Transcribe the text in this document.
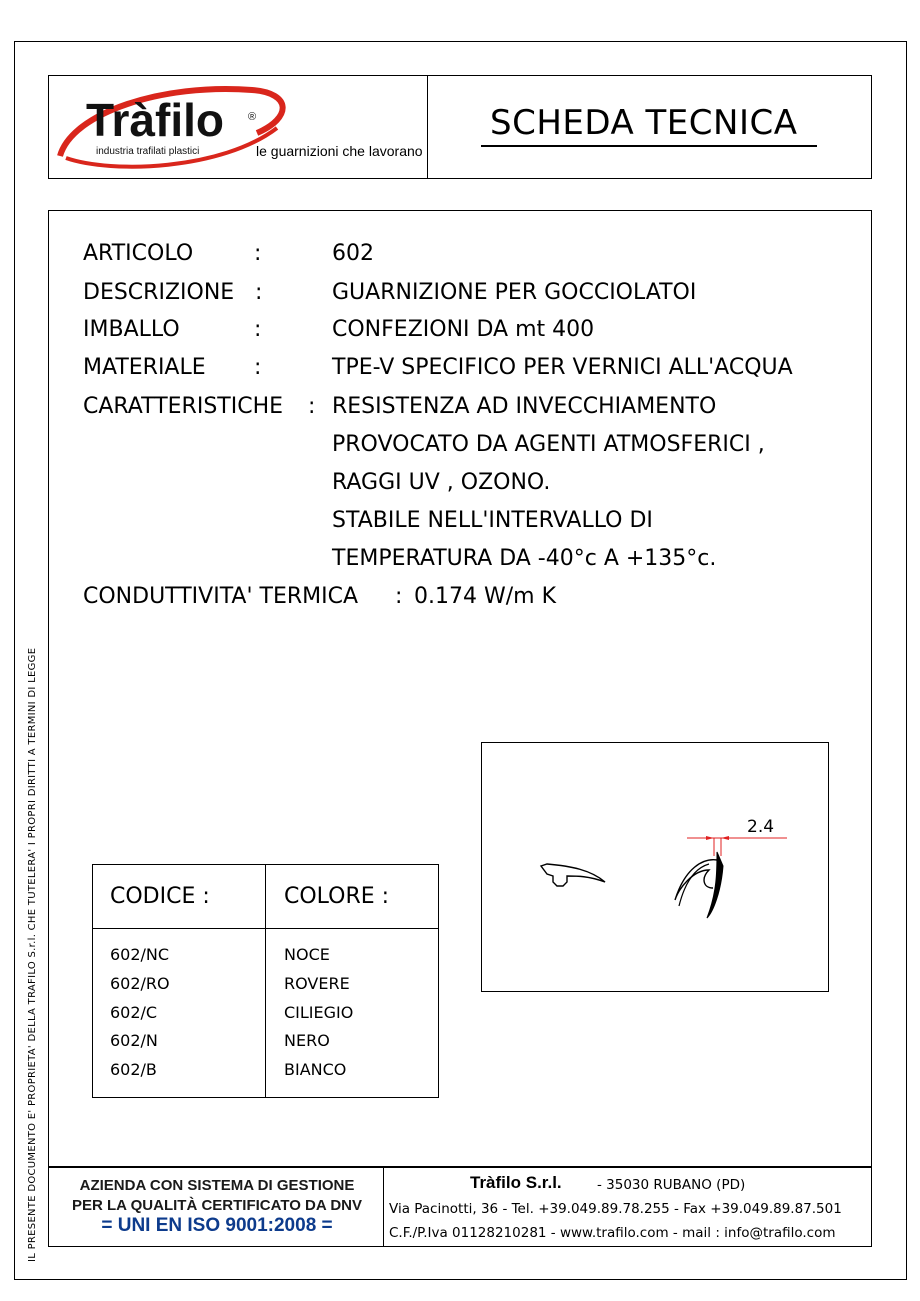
Tràfilo ®
industria trafilati plastici	le guarnizioni che lavorano
SCHEDA TECNICA
ARTICOLO	:	602
DESCRIZIONE :	GUARNIZIONE PER GOCCIOLATOI
IMBALLO	:	CONFEZIONI DA mt 400
MATERIALE :	TPE-V SPECIFICO PER VERNICI ALL'ACQUA
CARATTERISTICHE : RESISTENZA AD INVECCHIAMENTO
PROVOCATO DA AGENTI ATMOSFERICI ,
RAGGI UV , OZONO.
STABILE NELL'INTERVALLO DI
TEMPERATURA DA -40°c A +135°c.
CONDUTTIVITA' TERMICA : 0.174 W/m K
CODICE :	COLORE :
602/NC	NOCE
602/RO	ROVERE
602/C	CILIEGIO
602/N	NERO
602/B	BIANCO
2.4
AZIENDA CON SISTEMA DI GESTIONE
PER LA QUALITÀ CERTIFICATO DA DNV
= UNI EN ISO 9001:2008 =
Tràfilo S.r.l.	- 35030 RUBANO (PD)
Via Pacinotti, 36 - Tel. +39.049.89.78.255 - Fax +39.049.89.87.501
C.F./P.Iva 01128210281 - www.trafilo.com - mail : info@trafilo.com
IL PRESENTE DOCUMENTO E' PROPRIETA' DELLA TRAFILO S.r.l. CHE TUTELERA' I PROPRI DIRITTI A TERMINI DI LEGGE
